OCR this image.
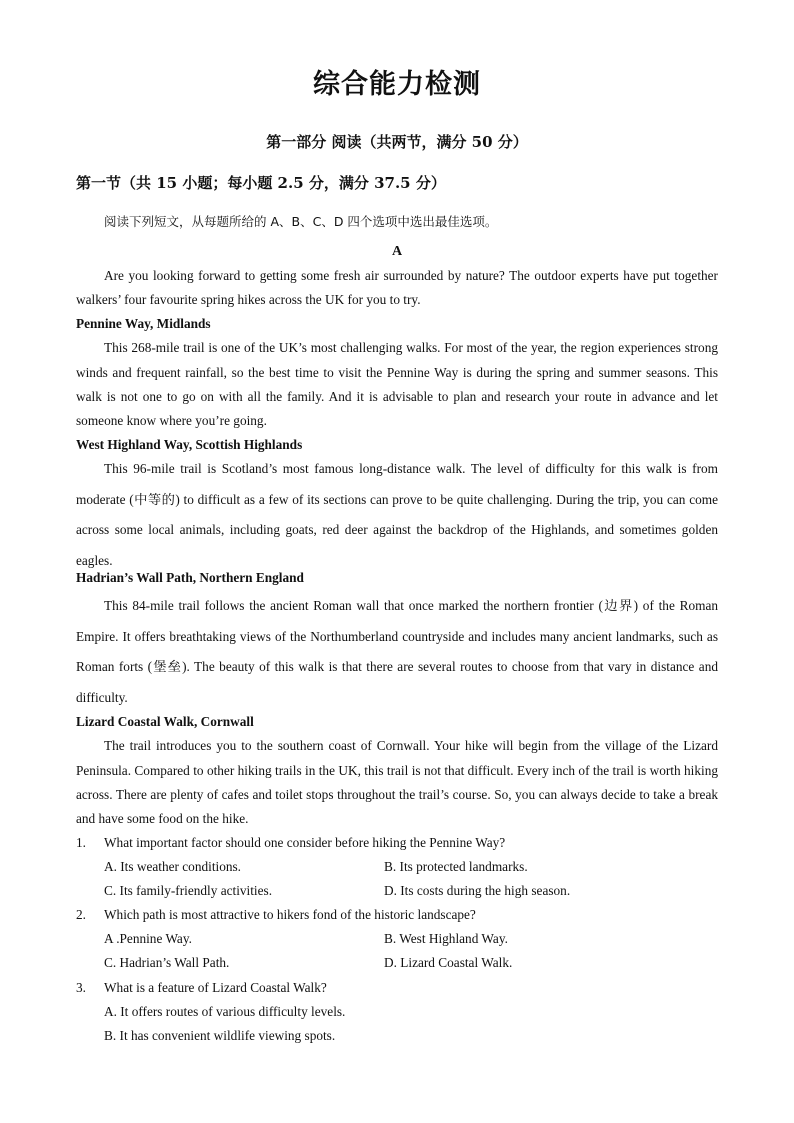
综合能力检测
第一部分 阅读（共两节，满分 50 分）
第一节（共 15 小题；每小题 2.5 分，满分 37.5 分）
阅读下列短文，从每题所给的 A、B、C、D 四个选项中选出最佳选项。
A

Are you looking forward to getting some fresh air surrounded by nature? The outdoor experts have put together walkers’ four favourite spring hikes across the UK for you to try.

Pennine Way, Midlands

This 268-mile trail is one of the UK’s most challenging walks. For most of the year, the region experiences strong winds and frequent rainfall, so the best time to visit the Pennine Way is during the spring and summer seasons. This walk is not one to go on with all the family. And it is advisable to plan and research your route in advance and let someone know where you’re going.

West Highland Way, Scottish Highlands

This 96-mile trail is Scotland’s most famous long-distance walk. The level of difficulty for this walk is from moderate (中等的) to difficult as a few of its sections can prove to be quite challenging. During the trip, you can come across some local animals, including goats, red deer against the backdrop of the Highlands, and sometimes golden eagles.

Hadrian’s Wall Path, Northern England

This 84-mile trail follows the ancient Roman wall that once marked the northern frontier (边界) of the Roman Empire. It offers breathtaking views of the Northumberland countryside and includes many ancient landmarks, such as Roman forts (堡垒). The beauty of this walk is that there are several routes to choose from that vary in distance and difficulty.

Lizard Coastal Walk, Cornwall

The trail introduces you to the southern coast of Cornwall. Your hike will begin from the village of the Lizard Peninsula. Compared to other hiking trails in the UK, this trail is not that difficult. Every inch of the trail is worth hiking across. There are plenty of cafes and toilet stops throughout the trail’s course. So, you can always decide to take a break and have some food on the hike.

1. What important factor should one consider before hiking the Pennine Way?
A. Its weather conditions.	B. Its protected landmarks.
C. Its family-friendly activities.	D. Its costs during the high season.
2. Which path is most attractive to hikers fond of the historic landscape?
A .Pennine Way.	B. West Highland Way.
C. Hadrian’s Wall Path.	D. Lizard Coastal Walk.
3. What is a feature of Lizard Coastal Walk?
A. It offers routes of various difficulty levels.
B. It has convenient wildlife viewing spots.
